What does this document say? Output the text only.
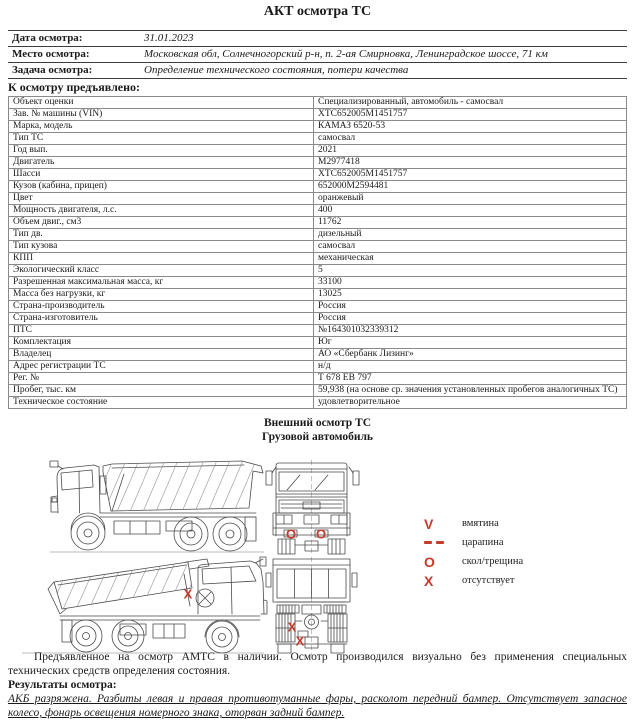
АКТ осмотра ТС
Дата осмотра:	31.01.2023
Место осмотра:	Московская обл, Солнечногорский р-н, п. 2-ая Смирновка, Ленинградское шоссе, 71 км
Задача осмотра:	Определение технического состояния, потери качества
К осмотру предъявлено:
Объект оценки	Специализированный, автомобиль - самосвал
Зав. № машины (VIN)	XTC652005M1451757
Марка, модель	КАМАЗ 6520-53
Тип ТС	самосвал
Год вып.	2021
Двигатель	M2977418
Шасси	XTC652005M1451757
Кузов (кабина, прицеп)	652000M2594481
Цвет	оранжевый
Мощность двигателя, л.с.	400
Объем двиг., см3	11762
Тип дв.	дизельный
Тип кузова	самосвал
КПП	механическая
Экологический класс	5
Разрешенная максимальная масса, кг	33100
Масса без нагрузки, кг	13025
Страна-производитель	Россия
Страна-изготовитель	Россия
ПТС	№164301032339312
Комплектация	Юг
Владелец	АО «Сбербанк Лизинг»
Адрес регистрации ТС	н/д
Рег. №	Т 678 ЕВ 797
Пробег, тыс. км	59,938 (на основе ср. значения установленных пробегов аналогичных ТС)
Техническое состояние	удовлетворительное
Внешний осмотр ТС
Грузовой автомобиль
O O
X
X
X
V	вмятина
царапина
O	скол/трещина
X	отсутствует

Предъявленное на осмотр АМТС в наличии. Осмотр производился визуально без применения специальных технических средств определения состояния.

Результаты осмотра:

АКБ разряжена. Разбиты левая и правая противотуманные фары, расколот передний бампер. Отсутствует запасное колесо, фонарь освещения номерного знака, оторван задний бампер.
